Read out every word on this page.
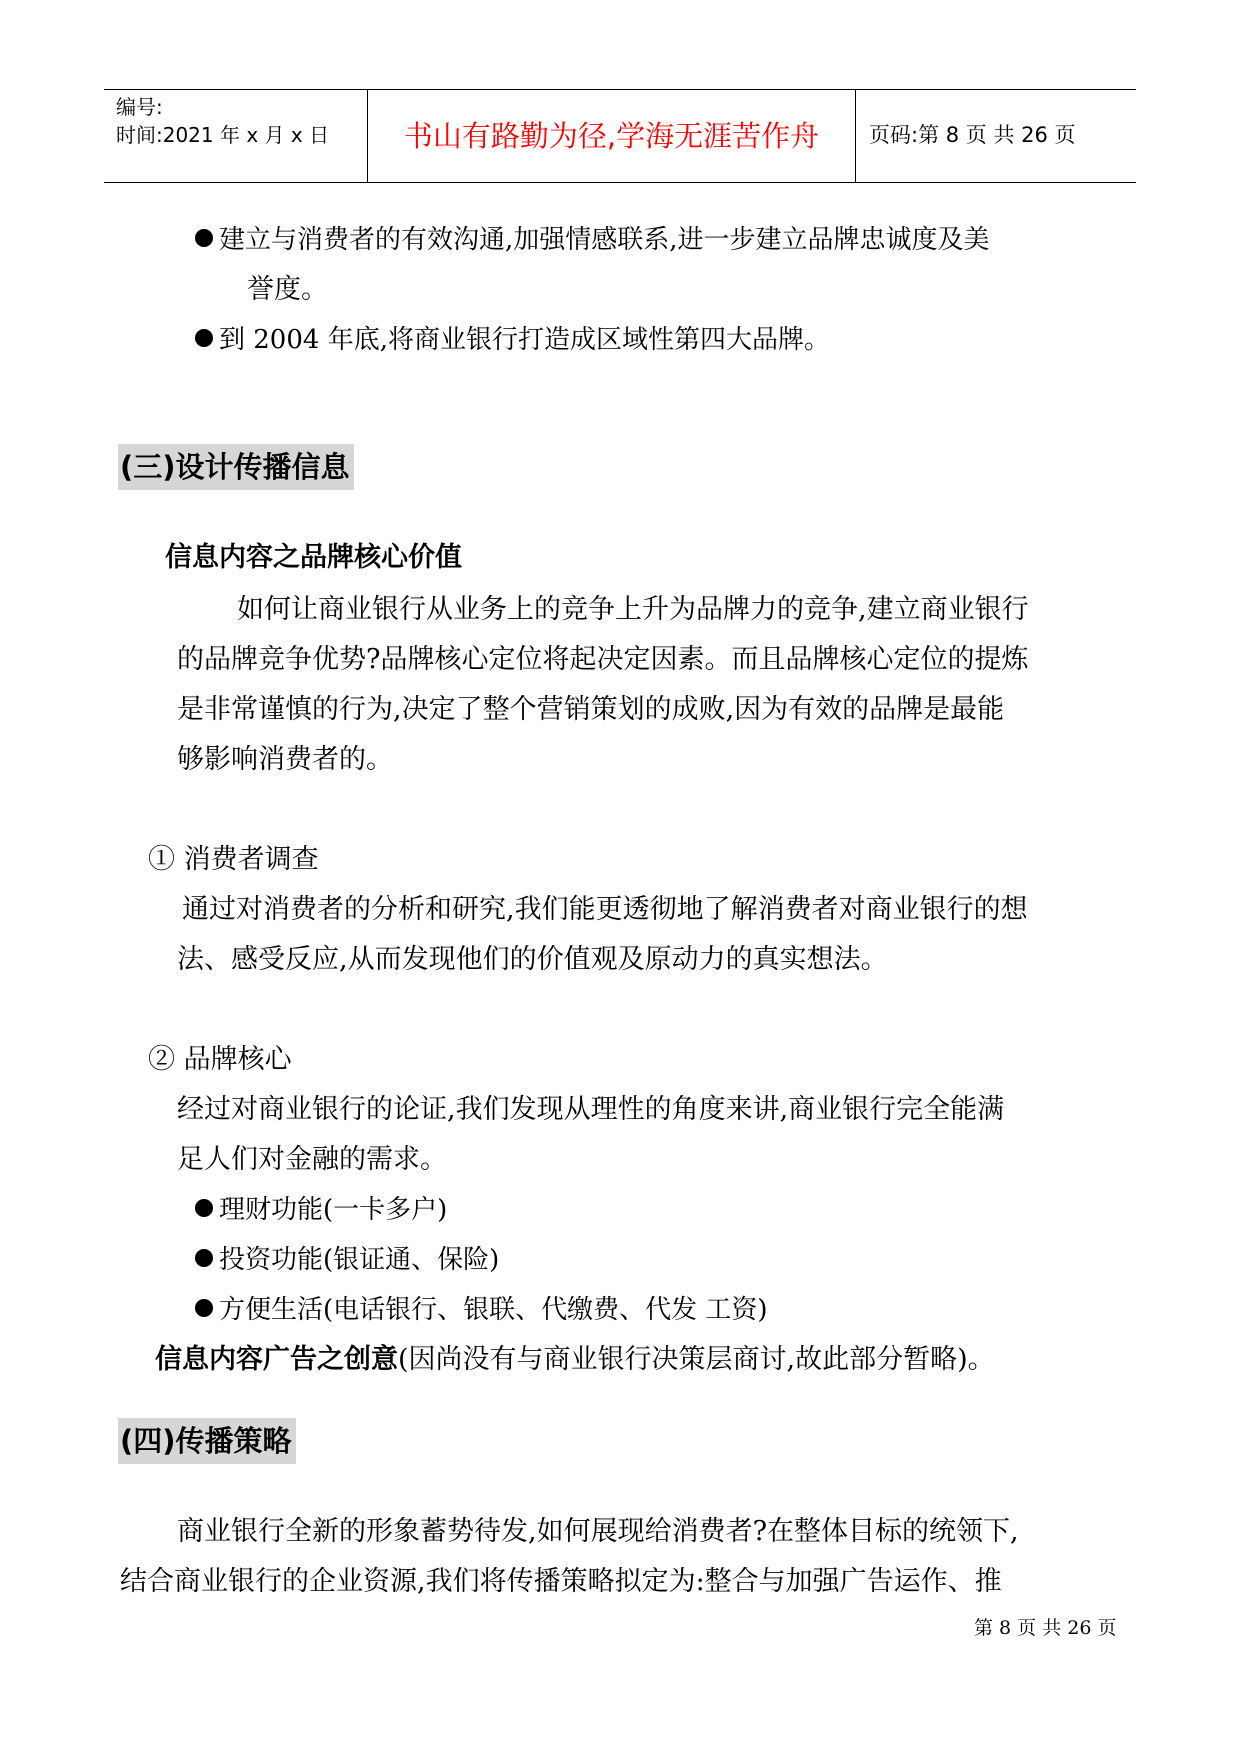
编号:
时间:2021 年 x 月 x 日	书山有路勤为径,学海无涯苦作舟	页码:第 8 页 共 26 页
建立与消费者的有效沟通,加强情感联系,进一步建立品牌忠诚度及美
誉度。
到 2004 年底,将商业银行打造成区域性第四大品牌。
(三)设计传播信息
信息内容之品牌核心价值
如何让商业银行从业务上的竞争上升为品牌力的竞争,建立商业银行
的品牌竞争优势?品牌核心定位将起决定因素。而且品牌核心定位的提炼
是非常谨慎的行为,决定了整个营销策划的成败,因为有效的品牌是最能
够影响消费者的。
① 消费者调查
通过对消费者的分析和研究,我们能更透彻地了解消费者对商业银行的想
法、感受反应,从而发现他们的价值观及原动力的真实想法。
② 品牌核心
经过对商业银行的论证,我们发现从理性的角度来讲,商业银行完全能满
足人们对金融的需求。
理财功能(一卡多户)
投资功能(银证通、保险)
方便生活(电话银行、银联、代缴费、代发 工资)
信息内容广告之创意(因尚没有与商业银行决策层商讨,故此部分暂略)。
(四)传播策略
商业银行全新的形象蓄势待发,如何展现给消费者?在整体目标的统领下,
结合商业银行的企业资源,我们将传播策略拟定为:整合与加强广告运作、推
第 8 页 共 26 页
